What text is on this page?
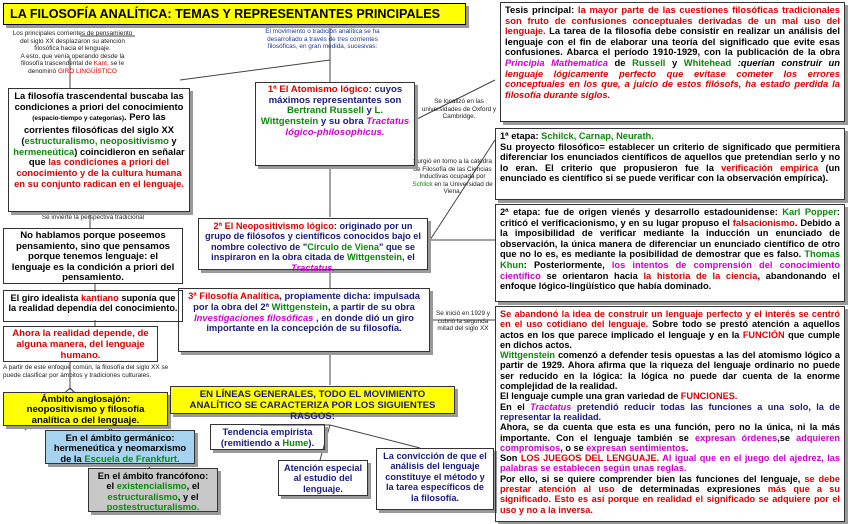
LA FILOSOFÍA ANALÍTICA: TEMAS Y REPRESENTANTES PRINCIPALES
Los principales corrientes de pensamiento del siglo XX desplazaron su atención filosófica hacia el lenguaje.
A esto, que venía operando desde la filosofía trascendental de Kant, se le denominó GIRO LINGÜÍSTICO
El movimiento o tradición analítica se ha desarrollado a través de tres corrientes filosóficas, en gran medida, sucesivas:
Se localizó en las universidades de Oxford y Cambridge.
Surgió en torno a la cátedra de Filosofía de las Ciencias Inductivas ocupada por Schlick en la Universidad de Viena.
Se invierte la perspectiva tradicional
A partir de este enfoque común, la filosofía del siglo XX se puede clasificar por ámbitos y tradiciones culturales.
Se inició en 1929 y cubrió la segunda mitad del siglo XX
La filosofía trascendental buscaba las condiciones a priori del conocimiento (espacio-tiempo y categorías). Pero las corrientes filosóficas del siglo XX (estructuralismo, neopositivismo y hermeneútica) coincidieron en señalar que las condiciones a priori del conocimiento y de la cultura humana en su conjunto radican en el lenguaje.
No hablamos porque poseemos pensamiento, sino que pensamos porque tenemos lenguaje: el lenguaje es la condición a priori del pensamiento.
El giro idealista kantiano suponía que la realidad dependía del conocimiento.
Ahora la realidad depende, de alguna manera, del lenguaje humano.
Ámbito anglosajón: neopositivismo y filosofía analítica o del lenguaje.
En el ámbito germánico: hermeneútica y neomarxismo de la Escuela de Frankfurt.
En el ámbito francófono: el existencialismo, el estructuralismo, y el postestructuralismo.
1ª El Atomismo lógico: cuyos máximos representantes son Bertrand Russell y L. Wittgenstein y su obra Tractatus lógico-philosophicus.
2ª El Neopositivismo lógico: originado por un grupo de filósofos y científicos conocidos bajo el nombre colectivo de "Círculo de Viena" que se inspiraron en la obra citada de Wittgenstein, el Tractatus.
3ª Filosofía Analítica, propiamente dicha: impulsada por la obra del 2ª Wittgenstein, a partir de su obra Investigaciones filosóficas , en donde dió un giro importante en la concepción de su filosofía.
EN LÍNEAS GENERALES, TODO EL MOVIMIENTO ANALÍTICO SE CARACTERIZA POR LOS SIGUIENTES RASGOS:
Tendencia empirista (remitiendo a Hume).
Atención especial al estudio del lenguaje.
La convicción de que el análisis del lenguaje constituye el método y la tarea específicos de la filosofía.
Tesis principal: la mayor parte de las cuestiones filosóficas tradicionales son fruto de confusiones conceptuales derivadas de un mal uso del lenguaje. La tarea de la filosofía debe consistir en realizar un análisis del lenguaje con el fin de elaborar una teoría del significado que evite esas confusiones. Abarca el período 1910-1929, con la publicación de la obra Principia Mathematica de Russell y Whitehead :querían construir un lenguaje lógicamente perfecto que evitase cometer los errores conceptuales en los que, a juicio de estos filósofs, ha estado perdida la filosofía durante siglos.
1ª etapa: Schilck, Carnap, Neurath.
Su proyecto filosófico= establecer un criterio de significado que permitiera diferenciar los enunciados científicos de aquellos que pretendían serlo y no lo eran. El criterio que propusieron fue la verificación empírica (un enunciado es científico si se puede verificar con la observación empírica).
2ª etapa: fue de origen vienés y desarrollo estadounidense: Karl Popper: critícó el verificacionismo, y en su lugar propuso el falsacionismo. Debido a la imposibilidad de verificar mediante la inducción un enunciado de observación, la única manera de diferenciar un enunciado científico de otro que no lo es, es mediante la posibilidad de demostrar que es falso. Thomas Khun: Posteriormente, los intentos de comprensión del conocimiento científico se orientaron hacia la historia de la ciencia, abandonando el enfoque lógico-lingüístico que había dominado.
Se abandonó la idea de construir un lenguaje perfecto y el interés se centró en el uso cotidiano del lenguaje. Sobre todo se prestó atención a aquellos actos en los que parece implicado el lenguaje y en la FUNCIÓN que cumple en dichos actos.
Wittgenstein comenzó a defender tesis opuestas a las del atomismo lógico a partir de 1929. Ahora afirma que la riqueza del lenguaje ordinario no puede ser reducido en la lógica: la lógica no puede dar cuenta de la enorme complejidad de la realidad.
El lenguaje cumple una gran variedad de FUNCIONES.
En el Tractatus pretendió reducir todas las funciones a una solo, la de representar la realidad.
Ahora, se da cuenta que esta es una función, pero no la única, ni la más importante. Con el lenguaje también se expresan órdenes,se adquieren compromisos, o se expresan sentimientos.
Son LOS JUEGOS DEL LENGUAJE. Al igual que en el juego del ajedrez, las palabras se establecen según unas reglas.
Por ello, si se quiere comprender bien las funciones del lenguaje, se debe prestar atención al uso de determinadas expresiones más que a su significado. Esto es así porque en realidad el significado se adquiere por el uso y no a la inversa.
